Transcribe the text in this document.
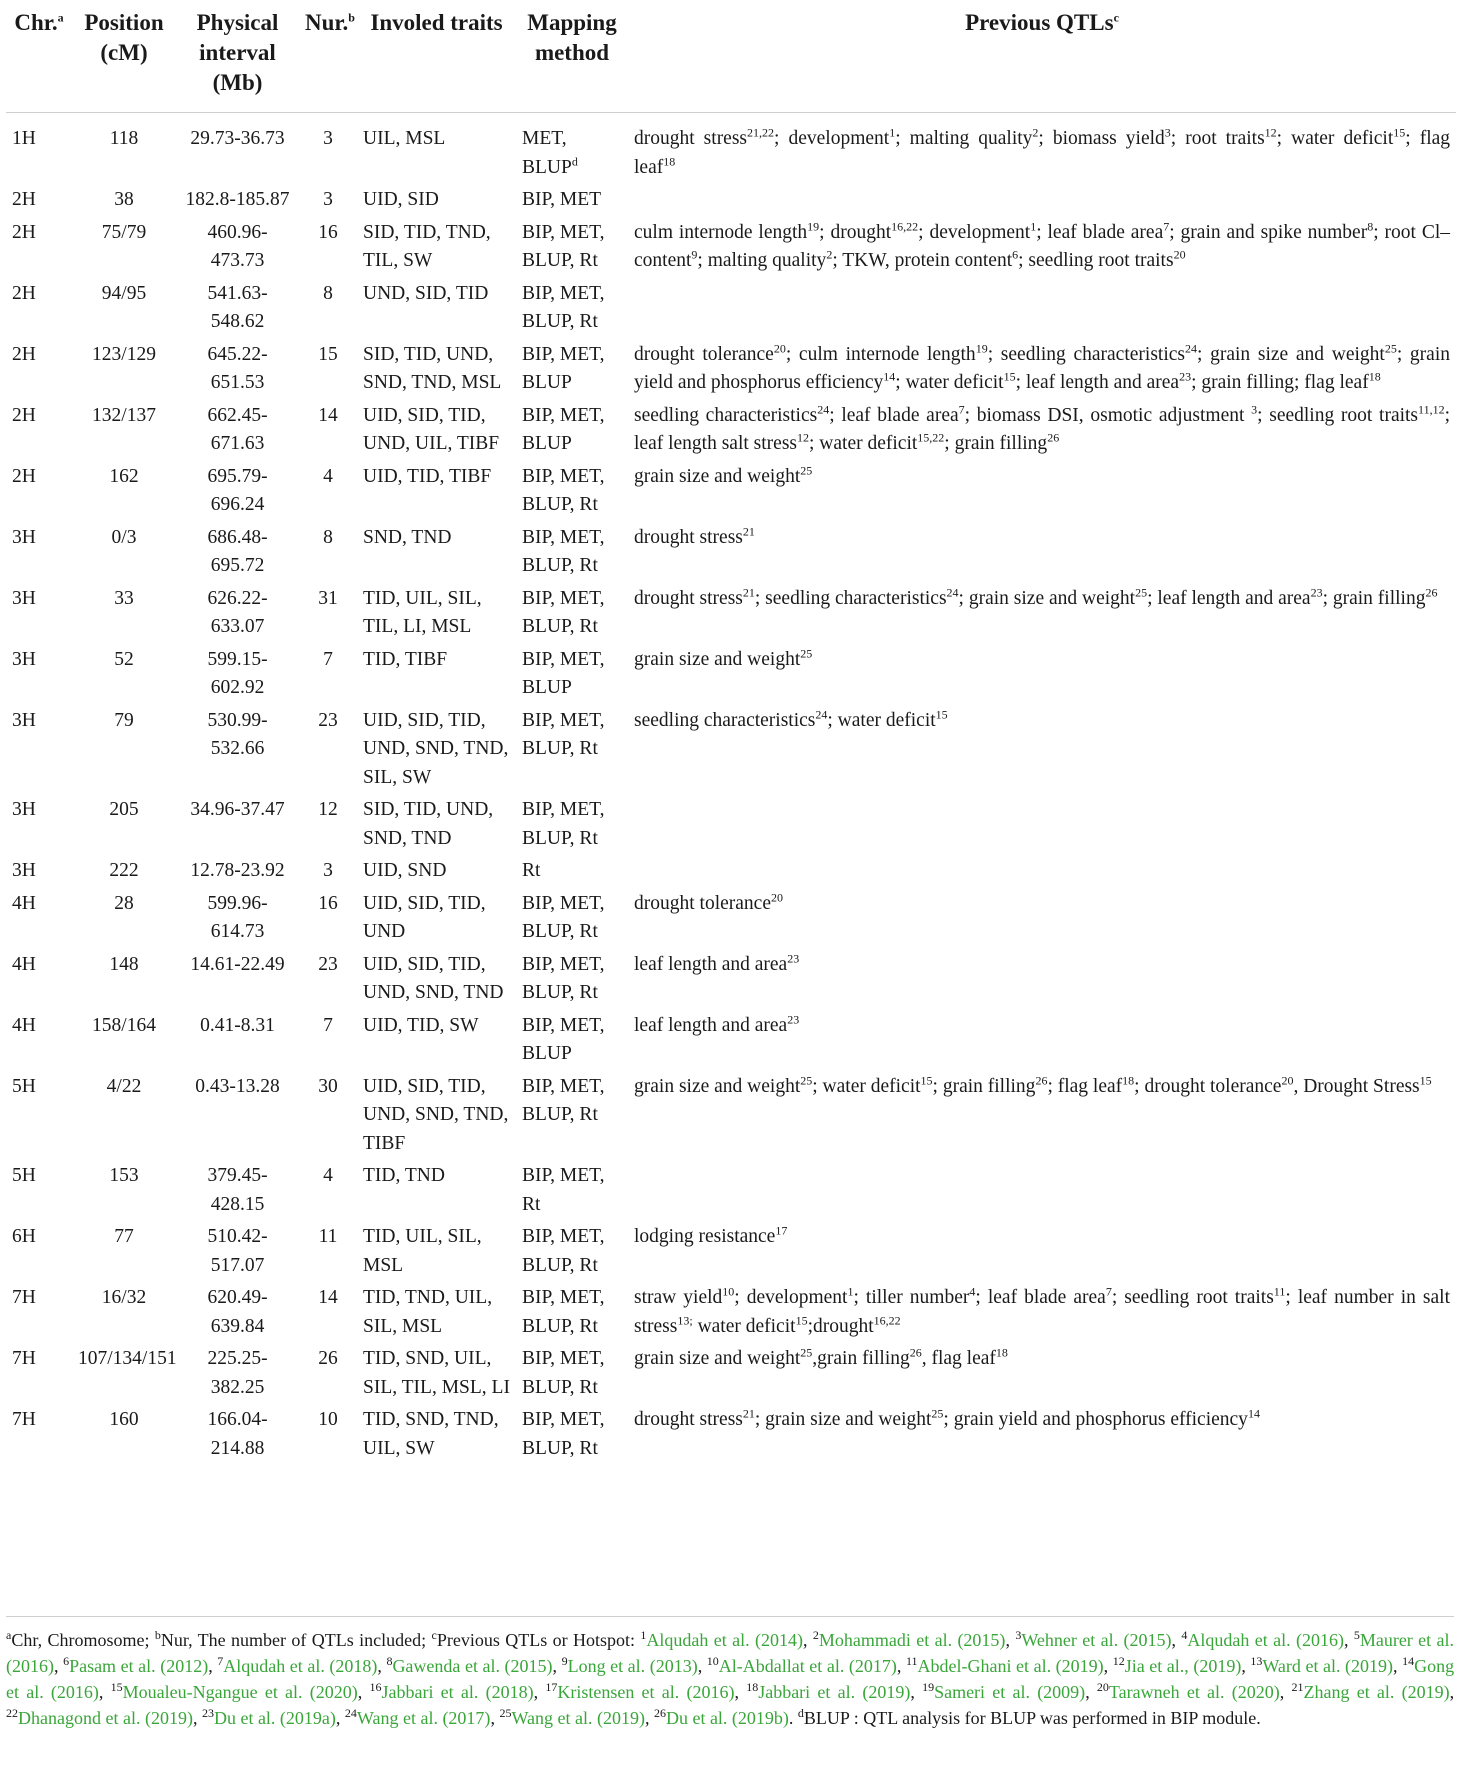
Chr.$^a$	Position (cM)	Physical interval (Mb)	Nur.$^b$	Involed traits	Mapping method	Previous QTLs$^c$
1H	118	29.73-36.73	3	UIL, MSL	MET, BLUP$^d$	drought stress$^{21,22}$; development$^1$; malting quality$^2$; biomass yield$^3$; root traits$^{12}$; water deficit$^{15}$; flag leaf$^{18}$
2H	38	182.8-185.87	3	UID, SID	BIP, MET	
2H	75/79	460.96-473.73	16	SID, TID, TND, TIL, SW	BIP, MET, BLUP, Rt	culm internode length$^{19}$; drought$^{16,22}$; development$^1$; leaf blade area$^7$; grain and spike number$^8$; root Cl– content$^9$; malting quality$^2$; TKW, protein content$^6$; seedling root traits$^{20}$
2H	94/95	541.63-548.62	8	UND, SID, TID	BIP, MET, BLUP, Rt	
2H	123/129	645.22-651.53	15	SID, TID, UND, SND, TND, MSL	BIP, MET, BLUP	drought tolerance$^{20}$; culm internode length$^{19}$; seedling characteristics$^{24}$; grain size and weight$^{25}$; grain yield and phosphorus efficiency$^{14}$; water deficit$^{15}$; leaf length and area$^{23}$; grain filling; flag leaf$^{18}$
2H	132/137	662.45-671.63	14	UID, SID, TID, UND, UIL, TIBF	BIP, MET, BLUP	seedling characteristics$^{24}$; leaf blade area$^7$; biomass DSI, osmotic adjustment $^3$; seedling root traits$^{11,12}$; leaf length salt stress$^{12}$; water deficit$^{15,22}$; grain filling$^{26}$
2H	162	695.79-696.24	4	UID, TID, TIBF	BIP, MET, BLUP, Rt	grain size and weight$^{25}$
3H	0/3	686.48-695.72	8	SND, TND	BIP, MET, BLUP, Rt	drought stress$^{21}$
3H	33	626.22-633.07	31	TID, UIL, SIL, TIL, LI, MSL	BIP, MET, BLUP, Rt	drought stress$^{21}$; seedling characteristics$^{24}$; grain size and weight$^{25}$; leaf length and area$^{23}$; grain filling$^{26}$
3H	52	599.15-602.92	7	TID, TIBF	BIP, MET, BLUP	grain size and weight$^{25}$
3H	79	530.99-532.66	23	UID, SID, TID, UND, SND, TND, SIL, SW	BIP, MET, BLUP, Rt	seedling characteristics$^{24}$; water deficit$^{15}$
3H	205	34.96-37.47	12	SID, TID, UND, SND, TND	BIP, MET, BLUP, Rt	
3H	222	12.78-23.92	3	UID, SND	Rt	
4H	28	599.96-614.73	16	UID, SID, TID, UND	BIP, MET, BLUP, Rt	drought tolerance$^{20}$
4H	148	14.61-22.49	23	UID, SID, TID, UND, SND, TND	BIP, MET, BLUP, Rt	leaf length and area$^{23}$
4H	158/164	0.41-8.31	7	UID, TID, SW	BIP, MET, BLUP	leaf length and area$^{23}$
5H	4/22	0.43-13.28	30	UID, SID, TID, UND, SND, TND, TIBF	BIP, MET, BLUP, Rt	grain size and weight$^{25}$; water deficit$^{15}$; grain filling$^{26}$; flag leaf$^{18}$; drought tolerance$^{20}$, Drought Stress$^{15}$
5H	153	379.45-428.15	4	TID, TND	BIP, MET, Rt	
6H	77	510.42-517.07	11	TID, UIL, SIL, MSL	BIP, MET, BLUP, Rt	lodging resistance$^{17}$
7H	16/32	620.49-639.84	14	TID, TND, UIL, SIL, MSL	BIP, MET, BLUP, Rt	straw yield$^{10}$; development$^1$; tiller number$^4$; leaf blade area$^7$; seedling root traits$^{11}$; leaf number in salt stress$^{13;}$ water deficit$^{15}$;drought$^{16,22}$
7H	107/134/151	225.25-382.25	26	TID, SND, UIL, SIL, TIL, MSL, LI	BIP, MET, BLUP, Rt	grain size and weight$^{25}$,grain filling$^{26}$, flag leaf$^{18}$
7H	160	166.04-214.88	10	TID, SND, TND, UIL, SW	BIP, MET, BLUP, Rt	drought stress$^{21}$; grain size and weight$^{25}$; grain yield and phosphorus efficiency$^{14}$
$^a$Chr, Chromosome; $^b$Nur, The number of QTLs included; $^c$Previous QTLs or Hotspot: $^1$Alqudah et al. (2014), $^2$Mohammadi et al. (2015), $^3$Wehner et al. (2015), $^4$Alqudah et al. (2016), $^5$Maurer et al. (2016), $^6$Pasam et al. (2012), $^7$Alqudah et al. (2018), $^8$Gawenda et al. (2015), $^9$Long et al. (2013), $^{10}$Al-Abdallat et al. (2017), $^{11}$Abdel-Ghani et al. (2019), $^{12}$Jia et al., (2019), $^{13}$Ward et al. (2019), $^{14}$Gong et al. (2016), $^{15}$Moualeu-Ngangue et al. (2020), $^{16}$Jabbari et al. (2018), $^{17}$Kristensen et al. (2016), $^{18}$Jabbari et al. (2019), $^{19}$Sameri et al. (2009), $^{20}$Tarawneh et al. (2020), $^{21}$Zhang et al. (2019), $^{22}$Dhanagond et al. (2019), $^{23}$Du et al. (2019a), $^{24}$Wang et al. (2017), $^{25}$Wang et al. (2019), $^{26}$Du et al. (2019b). $^d$BLUP : QTL analysis for BLUP was performed in BIP module.
